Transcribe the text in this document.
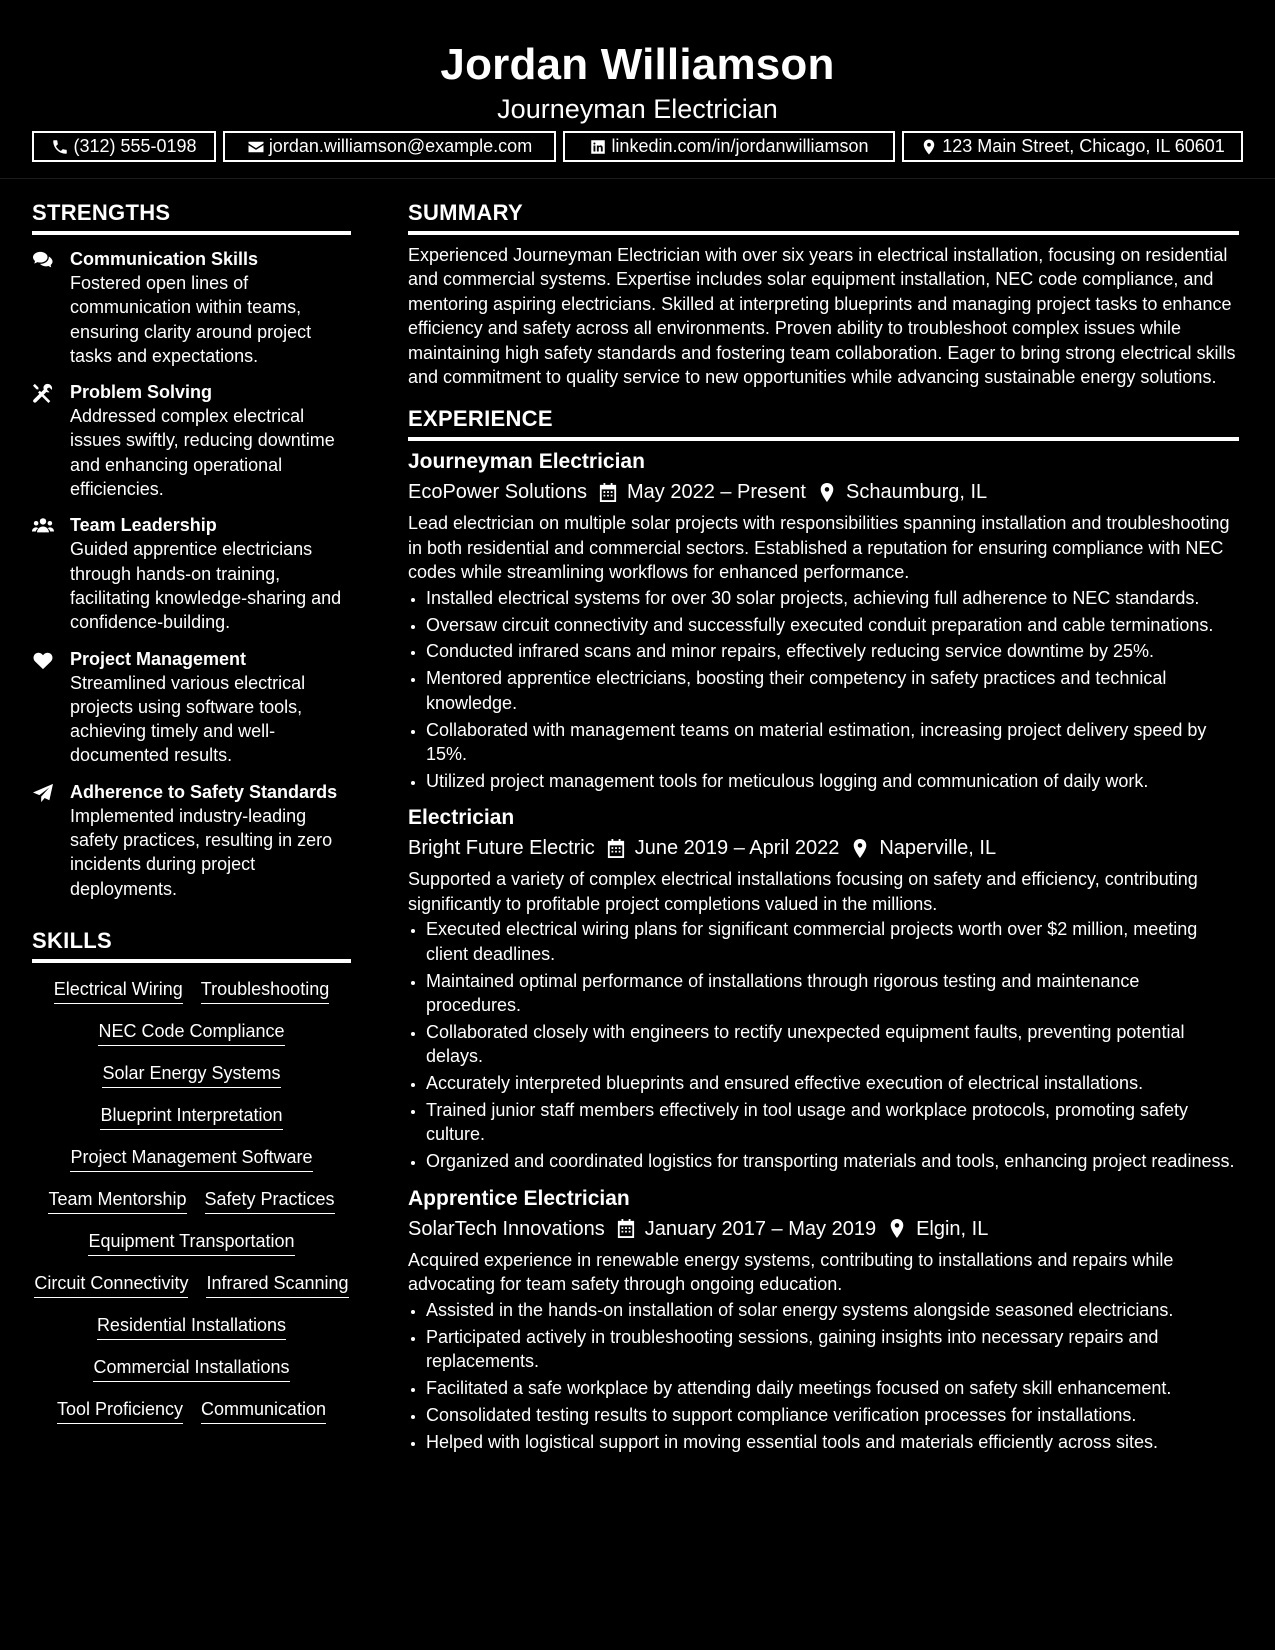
Jordan Williamson
Journeyman Electrician
(312) 555-0198	jordan.williamson@example.com	linkedin.com/in/jordanwilliamson	123 Main Street, Chicago, IL 60601
STRENGTHS
Communication Skills
Fostered open lines of communication within teams, ensuring clarity around project tasks and expectations.
Problem Solving
Addressed complex electrical issues swiftly, reducing downtime and enhancing operational efficiencies.
Team Leadership
Guided apprentice electricians through hands-on training, facilitating knowledge-sharing and confidence-building.
Project Management
Streamlined various electrical projects using software tools, achieving timely and well-documented results.
Adherence to Safety Standards
Implemented industry-leading safety practices, resulting in zero incidents during project deployments.
SKILLS
Electrical Wiring Troubleshooting
NEC Code Compliance
Solar Energy Systems
Blueprint Interpretation
Project Management Software
Team Mentorship Safety Practices
Equipment Transportation
Circuit Connectivity Infrared Scanning
Residential Installations
Commercial Installations
Tool Proficiency Communication
SUMMARY
Experienced Journeyman Electrician with over six years in electrical installation, focusing on residential and commercial systems. Expertise includes solar equipment installation, NEC code compliance, and mentoring aspiring electricians. Skilled at interpreting blueprints and managing project tasks to enhance efficiency and safety across all environments. Proven ability to troubleshoot complex issues while maintaining high safety standards and fostering team collaboration. Eager to bring strong electrical skills and commitment to quality service to new opportunities while advancing sustainable energy solutions.
EXPERIENCE
Journeyman Electrician
EcoPower Solutions May 2022 – Present Schaumburg, IL
Lead electrician on multiple solar projects with responsibilities spanning installation and troubleshooting in both residential and commercial sectors. Established a reputation for ensuring compliance with NEC codes while streamlining workflows for enhanced performance.
• Installed electrical systems for over 30 solar projects, achieving full adherence to NEC standards.
• Oversaw circuit connectivity and successfully executed conduit preparation and cable terminations.
• Conducted infrared scans and minor repairs, effectively reducing service downtime by 25%.
• Mentored apprentice electricians, boosting their competency in safety practices and technical knowledge.
• Collaborated with management teams on material estimation, increasing project delivery speed by 15%.
• Utilized project management tools for meticulous logging and communication of daily work.
Electrician
Bright Future Electric June 2019 – April 2022 Naperville, IL
Supported a variety of complex electrical installations focusing on safety and efficiency, contributing significantly to profitable project completions valued in the millions.
• Executed electrical wiring plans for significant commercial projects worth over $2 million, meeting client deadlines.
• Maintained optimal performance of installations through rigorous testing and maintenance procedures.
• Collaborated closely with engineers to rectify unexpected equipment faults, preventing potential delays.
• Accurately interpreted blueprints and ensured effective execution of electrical installations.
• Trained junior staff members effectively in tool usage and workplace protocols, promoting safety culture.
• Organized and coordinated logistics for transporting materials and tools, enhancing project readiness.
Apprentice Electrician
SolarTech Innovations January 2017 – May 2019 Elgin, IL
Acquired experience in renewable energy systems, contributing to installations and repairs while advocating for team safety through ongoing education.
• Assisted in the hands-on installation of solar energy systems alongside seasoned electricians.
• Participated actively in troubleshooting sessions, gaining insights into necessary repairs and replacements.
• Facilitated a safe workplace by attending daily meetings focused on safety skill enhancement.
• Consolidated testing results to support compliance verification processes for installations.
• Helped with logistical support in moving essential tools and materials efficiently across sites.
